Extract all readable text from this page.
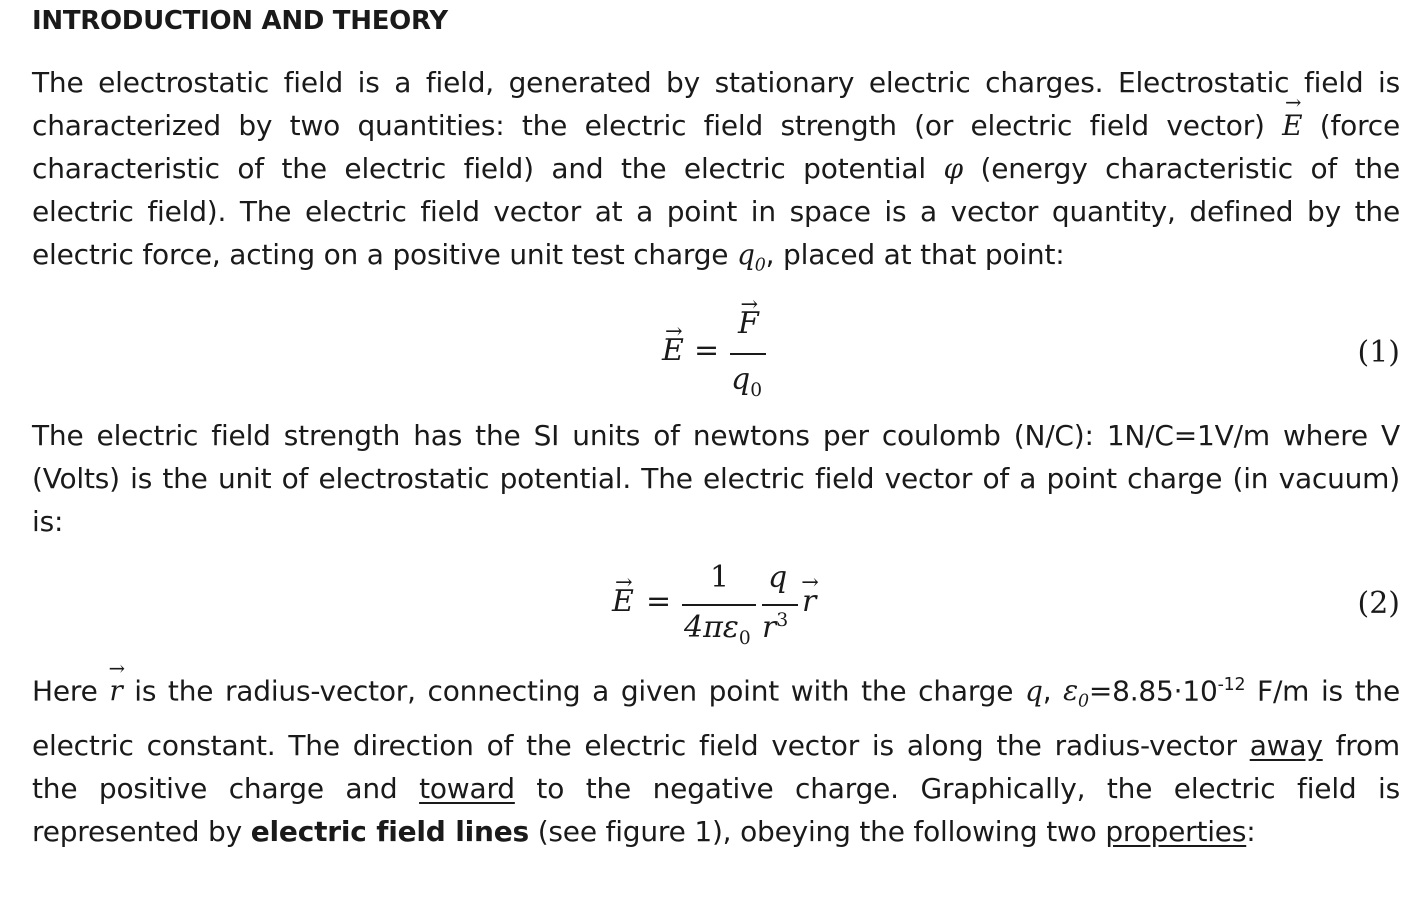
INTRODUCTION AND THEORY
The electrostatic field is a field, generated by stationary electric charges. Electrostatic field is
characterized by two quantities: the electric field strength (or electric field vector) → E (force
characteristic of the electric field) and the electric potential φ (energy characteristic of the
electric field). The electric field vector at a point in space is a vector quantity, defined by the
electric force, acting on a positive unit test charge $q_0$, placed at that point:
The electric field strength has the SI units of newtons per coulomb (N/C): 1N/C=1V/m where V
(Volts) is the unit of electrostatic potential. The electric field vector of a point charge (in vacuum)
is:
Here → r is the radius-vector, connecting a given point with the charge q, $\varepsilon_0=8.85\cdot 10^{-12}$ F/m is the
electric constant. The direction of the electric field vector is along the radius-vector away from
the positive charge and toward to the negative charge. Graphically, the electric field is
represented by electric field lines (see figure 1), obeying the following two properties:
→ E =
→ F
$q_0$
(1)
→ E =
1
$4\pi\varepsilon_0$
q
$r^3$
→ r	(2)
